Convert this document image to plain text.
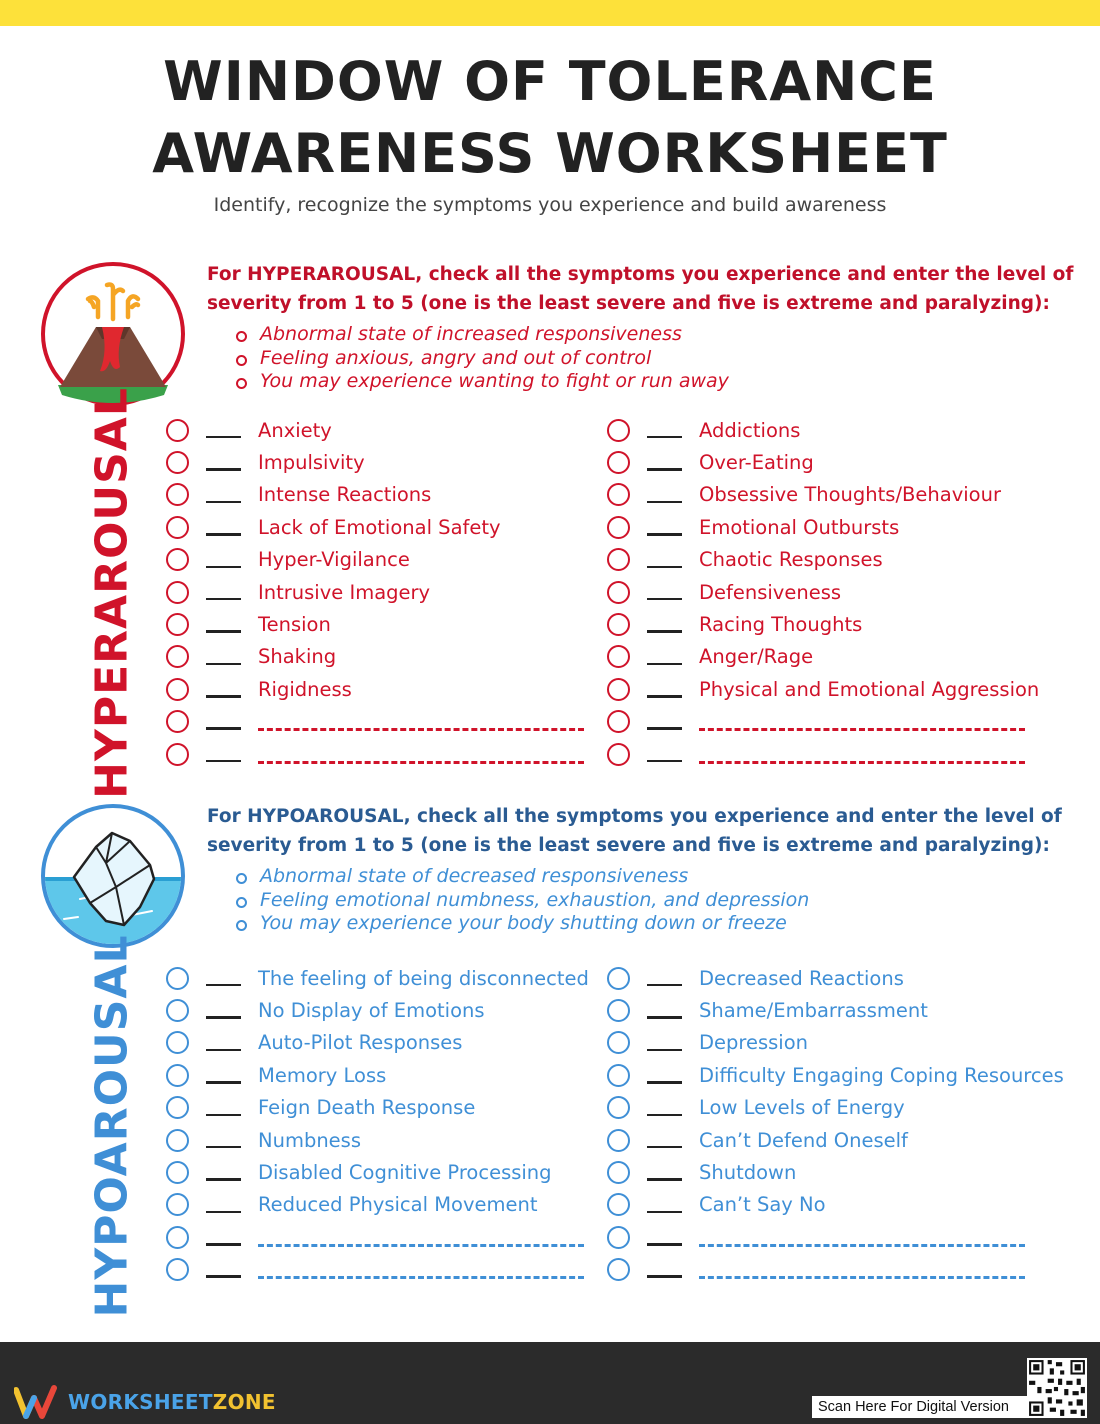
WINDOW OF TOLERANCE
AWARENESS WORKSHEET

Identify, recognize the symptoms you experience and build awareness

HYPERAROUSAL
For HYPERAROUSAL, check all the symptoms you experience and enter the level of
severity from 1 to 5 (one is the least severe and five is extreme and paralyzing):
Abnormal state of increased responsiveness
Feeling anxious, angry and out of control
You may experience wanting to fight or run away
Anxiety
Impulsivity
Intense Reactions
Lack of Emotional Safety
Hyper-Vigilance
Intrusive Imagery
Tension
Shaking
Rigidness
Addictions
Over-Eating
Obsessive Thoughts/Behaviour
Emotional Outbursts
Chaotic Responses
Defensiveness
Racing Thoughts
Anger/Rage
Physical and Emotional Aggression
HYPOAROUSAL
For HYPOAROUSAL, check all the symptoms you experience and enter the level of
severity from 1 to 5 (one is the least severe and five is extreme and paralyzing):
Abnormal state of decreased responsiveness
Feeling emotional numbness, exhaustion, and depression
You may experience your body shutting down or freeze
The feeling of being disconnected
No Display of Emotions
Auto-Pilot Responses
Memory Loss
Feign Death Response
Numbness
Disabled Cognitive Processing
Reduced Physical Movement
Decreased Reactions
Shame/Embarrassment
Depression
Difficulty Engaging Coping Resources
Low Levels of Energy
Can’t Defend Oneself
Shutdown
Can’t Say No
WORKSHEETZONE	Scan Here For Digital Version
